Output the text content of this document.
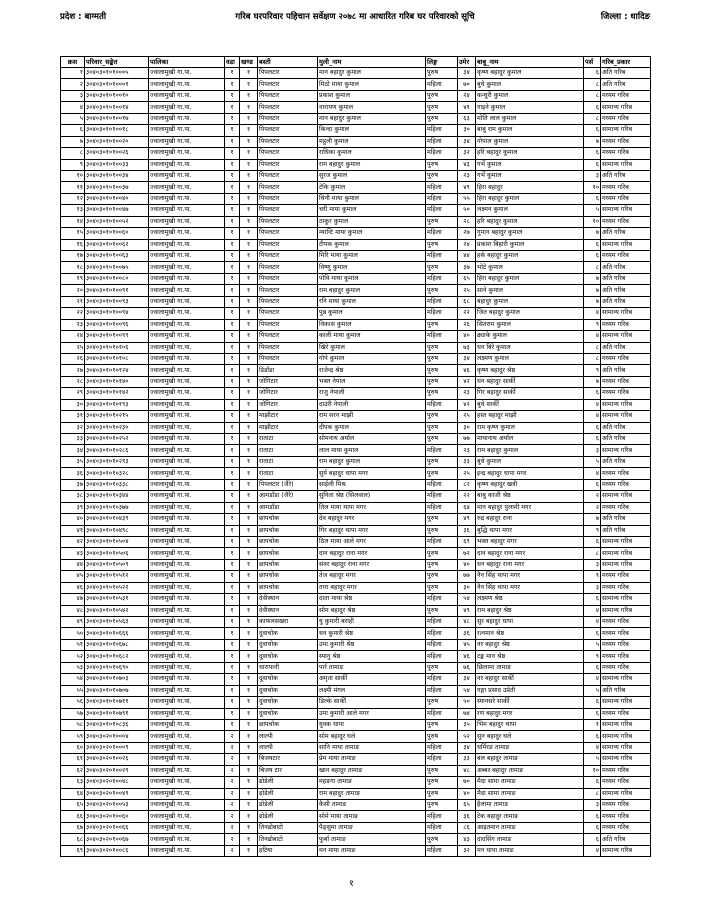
प्रदेश : बाग्मती	गरिब घरपरिवार पहिचान सर्वेक्षण २०७८ मा आधारित गरिब घर परिवारको सूचि	जिल्ला : धादिङ
क्रस	परिवार_सङ्केत	पालिका	वडा	खण्ड	बस्ती	मुली_नाम	लिङ्ग	उमेर	बाबु_नाम	पर्स	गरिब_प्रकार
१	३०४०३०१०१०००५	ज्वालामुखी गा.पा.	१	१	पिपलटार	मान बहादुर कुमाल	पुरुष	३४	कृष्ण बहादुर कुमाल	६	अति गरिब
२	३०४०३०१०१०००९	ज्वालामुखी गा.पा.	१	१	पिपलटार	मिठो माया कुमाल	महिला	७०	बुधे कुमाल	८	अति गरिब
३	३०४०३०१०१००१०	ज्वालामुखी गा.पा.	१	१	पिपलटार	प्रकाश कुमाल	पुरुष	२४	कन्धुरी कुमाल	८	मध्यम गरिब
४	३०४०३०१०१००१४	ज्वालामुखी गा.पा.	१	१	पिपलटार	नारायण कुमाल	पुरुष	४१	गाइने कुमाल	६	सामान्य गरिब
५	३०४०३०१०१००१७	ज्वालामुखी गा.पा.	१	१	पिपलटार	मान बहादुर कुमाल	पुरुष	६३	मोति लाल कुमाल	८	मध्यम गरिब
६	३०४०३०१०१००१८	ज्वालामुखी गा.पा.	१	१	पिपलटार	किन्दा कुमाल	महिला	३०	बाबु राम कुमाल	६	सामान्य गरिब
७	३०४०३०१०१००२०	ज्वालामुखी गा.पा.	१	१	पिपलटार	महुली कुमाल	महिला	३४	गोपाल कुमाल	७	मध्यम गरिब
८	३०४०३०१०१००२६	ज्वालामुखी गा.पा.	१	१	पिपलटार	राधिका कुमाल	महिला	३२	हरि बहादुर कुमाल	६	मध्यम गरिब
९	३०४०३०१०१००३३	ज्वालामुखी गा.पा.	१	१	पिपलटार	राम बहादुर कुमाल	पुरुष	४३	गर्भे कुमाल	६	सामान्य गरिब
१०	३०४०३०१०१००३४	ज्वालामुखी गा.पा.	१	१	पिपलटार	सुरज कुमाल	पुरुष	२३	गर्भे कुमाल	३	अति गरिब
११	३०४०३०१०१००३७	ज्वालामुखी गा.पा.	१	१	पिपलटार	टेकि कुमाल	महिला	४९	हिरा बहादुर	१०	मध्यम गरिब
१२	३०४०३०१०१००४०	ज्वालामुखी गा.पा.	१	१	पिपलटार	चिनी माया कुमाल	महिला	५५	हिरा बहादुर कुमाल	६	मध्यम गरिब
१३	३०४०३०१०१००४७	ज्वालामुखी गा.पा.	१	१	पिपलटार	चरी माया कुमाल	महिला	५०	लक्ष्मन कुमाल	५	सामान्य गरिब
१४	३०४०३०१०१००५२	ज्वालामुखी गा.पा.	१	१	पिपलटार	ठाकुर कुमाल	पुरुष	२८	हरि बहादुर कुमाल	१०	मध्यम गरिब
१५	३०४०३०१०१००६०	ज्वालामुखी गा.पा.	१	१	पिपलटार	म्यान्टि माया कुमाल	महिला	२७	गुमान बहादुर कुमाल	७	अति गरिब
१६	३०४०३०१०१००६२	ज्वालामुखी गा.पा.	१	१	पिपलटार	टीपक कुमाल	पुरुष	२४	प्रकाश बिहारी कुमाल	६	सामान्य गरिब
१७	३०४०३०१०१००६३	ज्वालामुखी गा.पा.	१	१	पिपलटार	मिरि माया कुमाल	महिला	४४	हर्क बहादुर कुमाल	६	मध्यम गरिब
१८	३०४०३०१०१००७५	ज्वालामुखी गा.पा.	१	१	पिपलटार	विष्णु कुमाल	पुरुष	३७	भोटे कुमाल	८	अति गरिब
१९	३०४०३०१०१००८०	ज्वालामुखी गा.पा.	१	१	पिपलटार	पोवि माया कुमाल	महिला	६५	हिरा बहादुर कुमाल	७	अति गरिब
२०	३०४०३०१०१००९१	ज्वालामुखी गा.पा.	१	१	पिपलटार	राम बहादुर कुमाल	पुरुष	२५	साने कुमाल	७	अति गरिब
२१	३०४०३०१०१००९३	ज्वालामुखी गा.पा.	१	१	पिपलटार	रनि माया कुमाल	महिला	६८	बहादुर कुमाल	७	अति गरिब
२२	३०४०३०१०१००९४	ज्वालामुखी गा.पा.	१	१	पिपलटार	पुन्न कुमाल	महिला	२२	जित बहादुर कुमाल	४	सामान्य गरिब
२३	३०४०३०१०१००९६	ज्वालामुखी गा.पा.	१	१	पिपलटार	विकास कुमाल	पुरुष	२६	सितराम कुमाल	९	मध्यम गरिब
२४	३०४०३०१०१००९९	ज्वालामुखी गा.पा.	१	१	पिपलटार	काली माया कुमाल	महिला	४०	ढ्याके कुमाल	४	सामान्य गरिब
२५	३०४०३०१०१०१०६	ज्वालामुखी गा.पा.	१	१	पिपलटार	खिरे कुमाल	पुरुष	७३	धन बिरे कुमाल	८	अति गरिब
२६	३०४०३०१०१०१०८	ज्वालामुखी गा.पा.	१	१	पिपलटार	गोपे कुमाल	पुरुष	३४	लक्ष्मण कुमाल	८	मध्यम गरिब
२७	३०४०३०१०१०१२४	ज्वालामुखी गा.पा.	१	१	डिडाँडा	राजेन्द्र श्रेष्ठ	पुरुष	४६	कृष्ण बहादुर श्रेष्ठ	९	अति गरिब
२८	३०४०३०१०१०१४०	ज्वालामुखी गा.पा.	१	१	जोगिटार	भक्त नेपाल	पुरुष	४२	धन बहादुर सार्की	७	मध्यम गरिब
२९	३०४०३०१०१०१४२	ज्वालामुखी गा.पा.	१	१	जोगिटार	राजु नेपाली	पुरुष	२३	गिर बहादुर सार्की	६	मध्यम गरिब
३०	३०४०३०१०१०१९३	ज्वालामुखी गा.पा.	१	१	जोगिटार	दाउरी नेपाली	महिला	४२	बुधे सार्की	४	सामान्य गरिब
३१	३०४०३०१०१०२१५	ज्वालामुखी गा.पा.	१	१	माझीटार	राम सरन माझी	पुरुष	२५	हस्त बहादुर माझी	४	सामान्य गरिब
३२	३०४०३०१०१०२३०	ज्वालामुखी गा.पा.	१	१	माझीटार	दीपक कुमाल	पुरुष	३०	राम कृष्ण कुमाल	६	अति गरिब
३३	३०४०३०१०१०२५२	ज्वालामुखी गा.पा.	१	१	राताटा	सोमनाथ अर्याल	पुरुष	७७	मायानाथ अर्याल	६	अति गरिब
३४	३०४०३०१०१०२८६	ज्वालामुखी गा.पा.	१	१	राताटा	लाल माया कुमाल	महिला	२३	राम बहादुर कुमाल	३	सामान्य गरिब
३५	३०४०३०१०१०२९३	ज्वालामुखी गा.पा.	१	१	राताटा	राम बहादुर कुमाल	पुरुष	३३	बुधे कुमाल	५	अति गरिब
३६	३०४०३०१०१०३२८	ज्वालामुखी गा.पा.	१	१	राताटा	सुर्य बहादुर धापा मगर	पुरुष	२५	इन्द्र बहादुर धापा मगर	४	मध्यम गरिब
३७	३०४०३०१०१०३३८	ज्वालामुखी गा.पा.	१	१	पिपलटार (जैरे)	साईली मिश्र	महिला	८२	कृष्ण बहादुर खत्री	६	मध्यम गरिब
३८	३०४०३०१०१०३४४	ज्वालामुखी गा.पा.	१	१	आमडाँडा (जैरे)	सुनिता श्रेष्ठ (सिलवाल)	महिला	२२	बाबु काजी श्रेष्ठ	२	सामान्य गरिब
३९	३०४०३०१०१०३७७	ज्वालामुखी गा.पा.	१	१	आमडाँडा	तिल माया थापा मगर	महिला	६४	मान बहादुर पुलामी मगर	२	मध्यम गरिब
४०	३०४०३०१०१०४३९	ज्वालामुखी गा.पा.	१	१	छापचोक	देव बहादुर मगर	पुरुष	४९	रुद्र बहादुर राना	७	अति गरिब
४१	३०४०३०१०१०४९८	ज्वालामुखी गा.पा.	१	१	छापचोक	गिर बहादुर थापा मगर	पुरुष	३६	बुद्धि थापा मगर	९	अति गरिब
४२	३०४०३०१०१०५०४	ज्वालामुखी गा.पा.	१	१	छापचोक	ठिल माया आले मगर	महिला	६९	भक्त बहादुर मगर	६	सामान्य गरिब
४३	३०४०३०१०१०५०६	ज्वालामुखी गा.पा.	१	१	छापचोक	दान बहादुर राना मगर	पुरुष	७२	दान बहादुर राना मगर	८	सामान्य गरिब
४४	३०४०३०१०१०५०९	ज्वालामुखी गा.पा.	१	१	छापचोक	संवर बहादुर राना मगर	पुरुष	४०	धन बहादुर राना मगर	३	सामान्य गरिब
४५	३०४०३०१०१०५१२	ज्वालामुखी गा.पा.	१	१	छापचोक	तेज बहादुर मगर	पुरुष	७७	नैन सिंह थापा मगर	९	मध्यम गरिब
४६	३०४०३०१०१०५२२	ज्वालामुखी गा.पा.	१	१	छापचोक	तारा बहादुर मगर	पुरुष	३०	नैन सिंह थापा मगर	३	मध्यम गरिब
४७	३०४०३०१०१०५३१	ज्वालामुखी गा.पा.	१	१	देवीस्थान	दाता माया श्रेष्ठ	महिला	५४	लक्ष्मण श्रेष्ठ	६	सामान्य गरिब
४८	३०४०३०१०१०५४२	ज्वालामुखी गा.पा.	१	१	देवीस्थान	सोम बहादुर श्रेष्ठ	पुरुष	४९	राम बहादुर श्रेष्ठ	४	सामान्य गरिब
४९	३०४०३०१०१०५६३	ज्वालामुखी गा.पा.	१	१	काफलसखरा	यु कुमारी बराही	महिला	४८	सुर बहादुर धापा	४	मध्यम गरिब
५०	३०४०३०१०१०६६६	ज्वालामुखी गा.पा.	१	१	दुवाचोक	धन कुमारी श्रेष्ठ	महिला	३६	रत्नमान श्रेष्ठ	६	मध्यम गरिब
५१	३०४०३०१०१०६७८	ज्वालामुखी गा.पा.	१	१	दुवाचोक	उमा कुमारी श्रेष्ठ	महिला	४५	नर बहादुर श्रेष्ठ	५	मध्यम गरिब
५२	३०४०३०१०१०६८२	ज्वालामुखी गा.पा.	१	१	दुवाचोक	स्यानु श्रेष्ठ	महिला	४६	टङ्क मान श्रेष्ठ	९	मध्यम गरिब
५३	३०४०३०१०१०६९०	ज्वालामुखी गा.पा.	१	१	धारापानी	पार्र तामाङ	पुरुष	७६	छिलामा तामाङ	६	मध्यम गरिब
५४	३०४०३०१०१०७०३	ज्वालामुखी गा.पा.	१	१	दुवाचोक	अमृता सार्की	महिला	३४	नर बहादुर सार्की	४	सामान्य गरिब
५५	३०४०३०१०१०७०७	ज्वालामुखी गा.पा.	१	१	दुवाचोक	लक्ष्मी मंगल	महिला	५४	गङ्गा प्रसाद उप्रेती	५	अति गरिब
५६	३०४०३०१०१०७११	ज्वालामुखी गा.पा.	१	१	दुवाचोक	डिल्के सार्की	पुरुष	५०	स्यानसरे सार्की	६	सामान्य गरिब
५७	३०४०३०१०१०७९१	ज्वालामुखी गा.पा.	१	१	दुवाचोक	उमा कुमारी आले मगर	महिला	७४	रण बहादुर मगर	६	मध्यम गरिब
५८	३०४०३०१०१०८३६	ज्वालामुखी गा.पा.	१	१	छापचोक	युवक थापा	पुरुष	३५	भिम बहादुर थापा	१	सामान्य गरिब
५९	३०४०३०२०१०००४	ज्वालामुखी गा.पा.	२	१	लाल्पी	सोम बहादुर घले	पुरुष	५२	सुन बहादुर घले	६	सामान्य गरिब
६०	३०४०३०२०१०००९	ज्वालामुखी गा.पा.	२	१	लाल्पी	सानि माया तामाङ	महिला	३४	धर्मिरङ तामाङ	४	सामान्य गरिब
६१	३०४०३०२०१००२६	ज्वालामुखी गा.पा.	२	१	बिजयटार	प्रेम माया तामाङ	महिला	३३	बल बहादुर तामाङ	५	सामान्य गरिब
६२	३०४०३०२०१००२९	ज्वालामुखी गा.पा.	२	१	बिजय टार	खान बहादुर तामाङ	पुरुष	४८	अब्बर बहादुर तामाङ	१०	मध्यम गरिब
६३	३०४०३०२०१००४८	ज्वालामुखी गा.पा.	२	१	ढोडेली	महङगा तामाङ	पुरुष	७०	मैदा सामा तामाङ	६	मध्यम गरिब
६४	३०४०३०२०१००४९	ज्वालामुखी गा.पा.	२	१	ढोडेली	राम बहादुर तामाङ	पुरुष	४०	मैदा सामा तामाङ	८	सामान्य गरिब
६५	३०४०३०२०१००५३	ज्वालामुखी गा.पा.	२	१	ढोडेली	कैसी तामाङ	पुरुष	६५	हैलामा तामाङ	३	मध्यम गरिब
६६	३०४०३०२०१००६०	ज्वालामुखी गा.पा.	२	१	ढोडेली	सोमे माया तामाङ	महिला	३६	टेक बहादुर तामाङ	६	मध्यम गरिब
६७	३०४०३०२०१००६६	ज्वालामुखी गा.पा.	२	१	तिनढोबाटो	पैङ्सुमा तामाङ	महिला	८६	आइतमान तामाङ	६	मध्यम गरिब
६८	३०४०३०२०१००६७	ज्वालामुखी गा.पा.	२	१	तिनढोबाटो	फुर्बा तामाङ	पुरुष	४३	दादसिंग तामाङ	६	अति गरिब
६९	३०४०३०२०१००८६	ज्वालामुखी गा.पा.	२	१	हटिया	मन माया तामाङ	महिला	३२	मन धापा तामाङ	४	सामान्य गरिब
१
